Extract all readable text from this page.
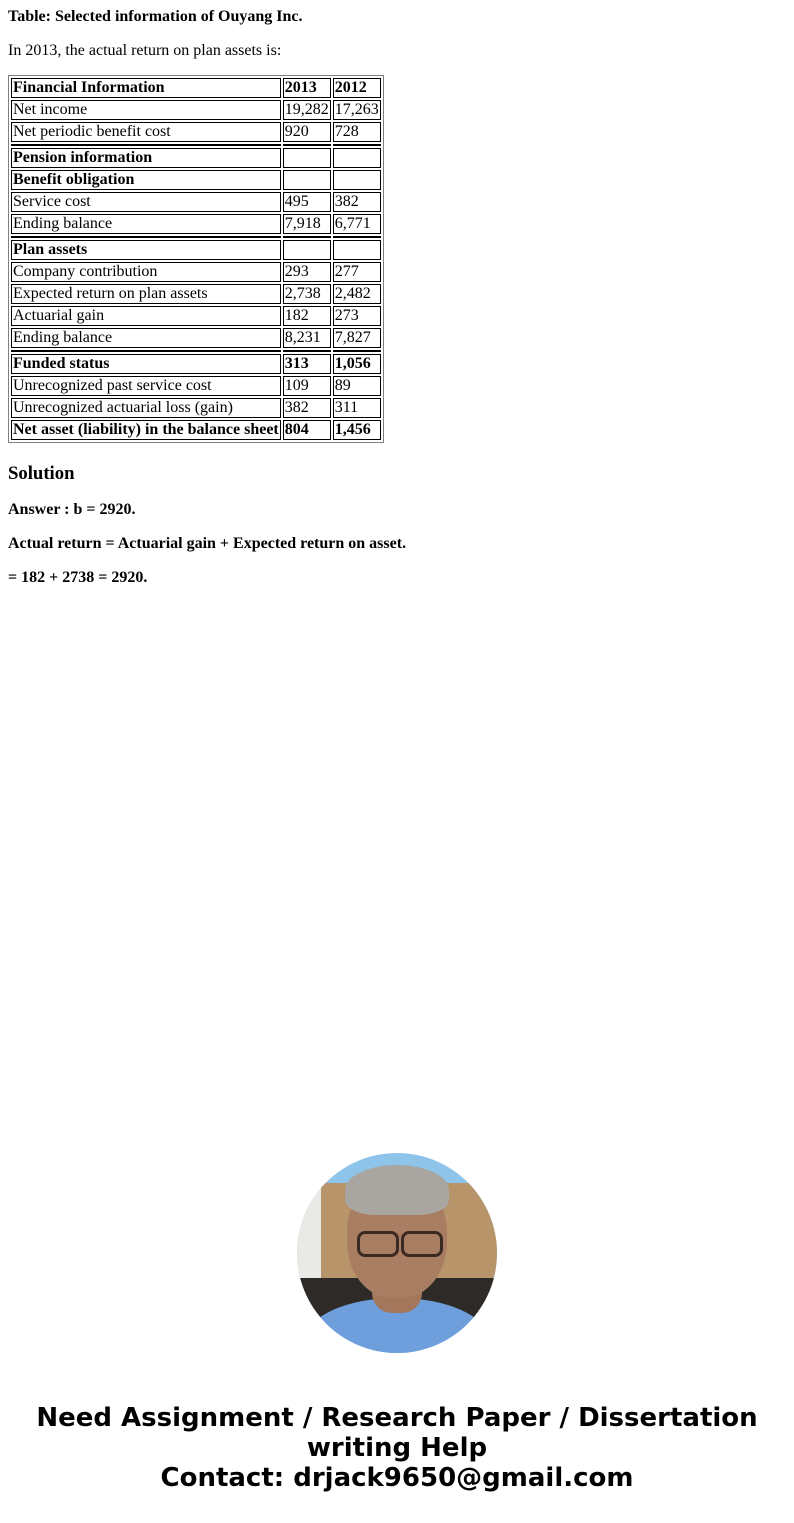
Table: Selected information of Ouyang Inc.

In 2013, the actual return on plan assets is:

Financial Information	2013	2012
Net income	19,282	17,263
Net periodic benefit cost	920	728

Pension information		
Benefit obligation		
Service cost	495	382
Ending balance	7,918	6,771

Plan assets		
Company contribution	293	277
Expected return on plan assets	2,738	2,482
Actuarial gain	182	273
Ending balance	8,231	7,827

Funded status	313	1,056
Unrecognized past service cost	109	89
Unrecognized actuarial loss (gain)	382	311
Net asset (liability) in the balance sheet	804	1,456
Solution

Answer : b = 2920.

Actual return = Actuarial gain + Expected return on asset.

= 182 + 2738 = 2920.

Need Assignment / Research Paper / Dissertation
writing Help
Contact: drjack9650@gmail.com
